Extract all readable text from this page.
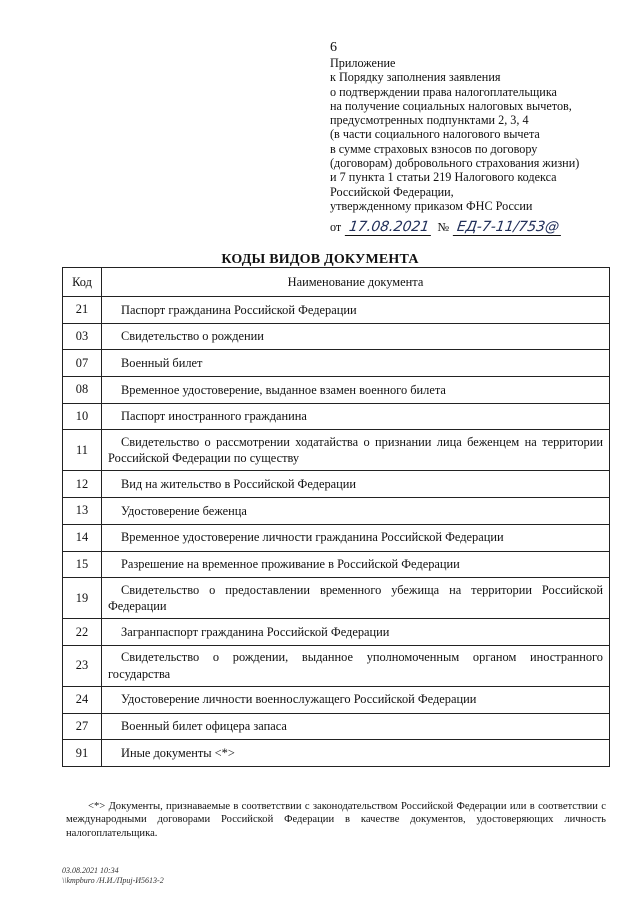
6
Приложение
к Порядку заполнения заявления
о подтверждении права налогоплательщика
на получение социальных налоговых вычетов,
предусмотренных подпунктами 2, 3, 4
(в части социального налогового вычета
в сумме страховых взносов по договору
(договорам) добровольного страхования жизни)
и 7 пункта 1 статьи 219 Налогового кодекса
Российской Федерации,
утвержденному приказом ФНС России
от 17.08.2021 № ЕД-7-11/753@
КОДЫ ВИДОВ ДОКУМЕНТА
Код	Наименование документа
21	Паспорт гражданина Российской Федерации

03	Свидетельство о рождении

07	Военный билет

08	Временное удостоверение, выданное взамен военного билета

10	Паспорт иностранного гражданина

11	Свидетельство о рассмотрении ходатайства о признании лица беженцем на территории Российской Федерации по существу

12	Вид на жительство в Российской Федерации

13	Удостоверение беженца

14	Временное удостоверение личности гражданина Российской Федерации

15	Разрешение на временное проживание в Российской Федерации

19	Свидетельство о предоставлении временного убежища на территории Российской Федерации

22	Загранпаспорт гражданина Российской Федерации

23	Свидетельство о рождении, выданное уполномоченным органом иностранного государства

24	Удостоверение личности военнослужащего Российской Федерации

27	Военный билет офицера запаса

91	Иные документы <*>
<*> Документы, признаваемые в соответствии с законодательством Российской Федерации или в соответствии с международными договорами Российской Федерации в качестве документов, удостоверяющих личность налогоплательщика.
03.08.2021 10:34
\\kmpburo /Н.И./Приј-И5613-2
